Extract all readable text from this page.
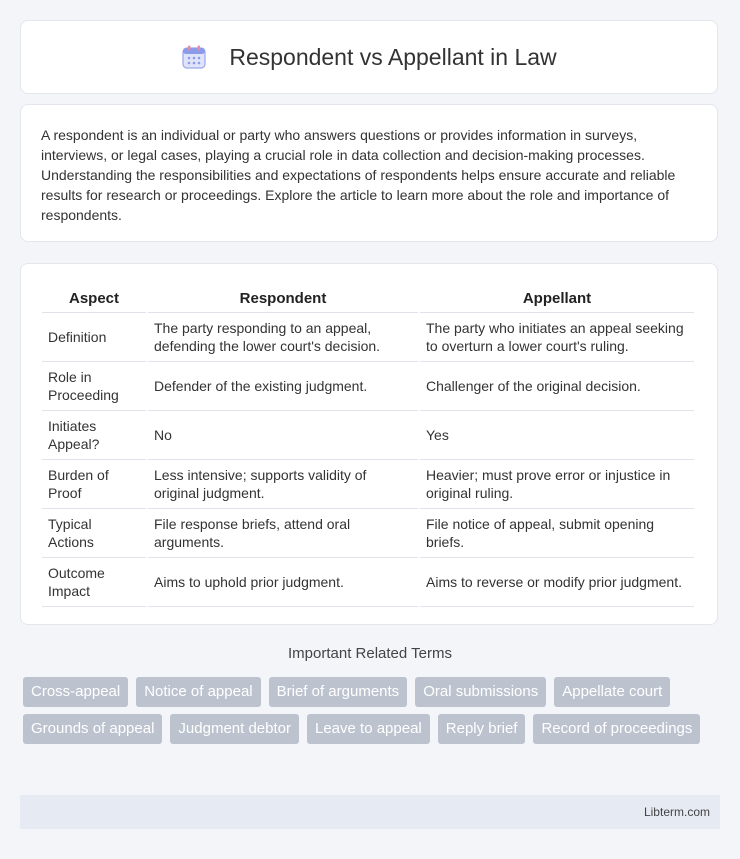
Respondent vs Appellant in Law

A respondent is an individual or party who answers questions or provides information in surveys, interviews, or legal cases, playing a crucial role in data collection and decision-making processes. Understanding the responsibilities and expectations of respondents helps ensure accurate and reliable results for research or proceedings. Explore the article to learn more about the role and importance of respondents.

Aspect	Respondent	Appellant
Definition	The party responding to an appeal, defending the lower court's decision.	The party who initiates an appeal seeking to overturn a lower court's ruling.
Role in Proceeding	Defender of the existing judgment.	Challenger of the original decision.
Initiates Appeal?	No	Yes
Burden of Proof	Less intensive; supports validity of original judgment.	Heavier; must prove error or injustice in original ruling.
Typical Actions	File response briefs, attend oral arguments.	File notice of appeal, submit opening briefs.
Outcome Impact	Aims to uphold prior judgment.	Aims to reverse or modify prior judgment.
Important Related Terms
Cross-appeal	Notice of appeal	Brief of arguments	Oral submissions	Appellate court
Grounds of appeal	Judgment debtor	Leave to appeal	Reply brief	Record of proceedings
Libterm.com
